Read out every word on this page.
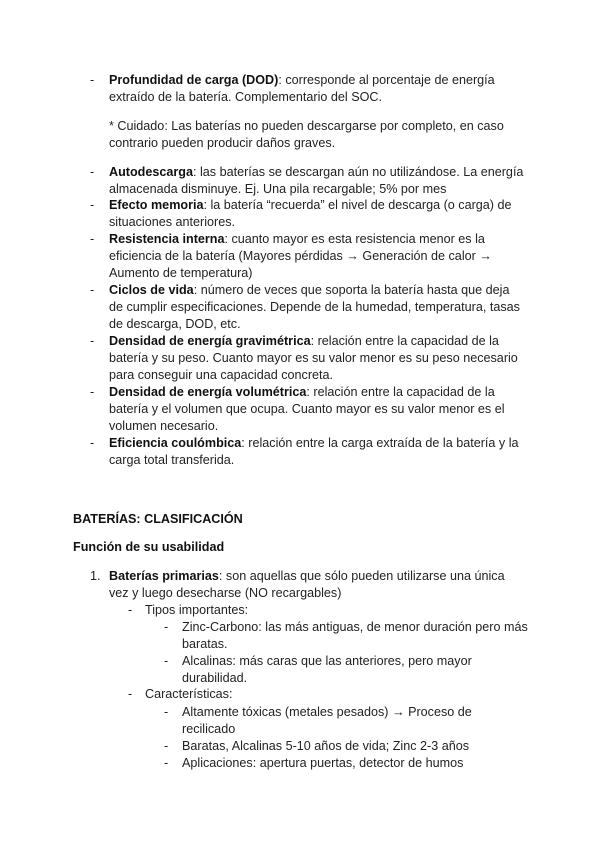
-	Profundidad de carga (DOD): corresponde al porcentaje de energía extraído de la batería. Complementario del SOC.
* Cuidado: Las baterías no pueden descargarse por completo, en caso contrario pueden producir daños graves.
-	Autodescarga: las baterías se descargan aún no utilizándose. La energía almacenada disminuye. Ej. Una pila recargable; 5% por mes
-	Efecto memoria: la batería “recuerda” el nivel de descarga (o carga) de situaciones anteriores.
-	Resistencia interna: cuanto mayor es esta resistencia menor es la eficiencia de la batería (Mayores pérdidas → Generación de calor → Aumento de temperatura)
-	Ciclos de vida: número de veces que soporta la batería hasta que deja de cumplir especificaciones. Depende de la humedad, temperatura, tasas de descarga, DOD, etc.
-	Densidad de energía gravimétrica: relación entre la capacidad de la batería y su peso. Cuanto mayor es su valor menor es su peso necesario para conseguir una capacidad concreta.
-	Densidad de energía volumétrica: relación entre la capacidad de la batería y el volumen que ocupa. Cuanto mayor es su valor menor es el volumen necesario.
-	Eficiencia coulómbica: relación entre la carga extraída de la batería y la carga total transferida.
BATERÍAS: CLASIFICACIÓN
Función de su usabilidad
1. Baterías primarias: son aquellas que sólo pueden utilizarse una única vez y luego desecharse (NO recargables)
-	Tipos importantes:
-	Zinc-Carbono: las más antiguas, de menor duración pero más baratas.
-	Alcalinas: más caras que las anteriores, pero mayor durabilidad.
-	Características:
-	Altamente tóxicas (metales pesados) → Proceso de recilicado
-	Baratas, Alcalinas 5-10 años de vida; Zinc 2-3 años
-	Aplicaciones: apertura puertas, detector de humos
